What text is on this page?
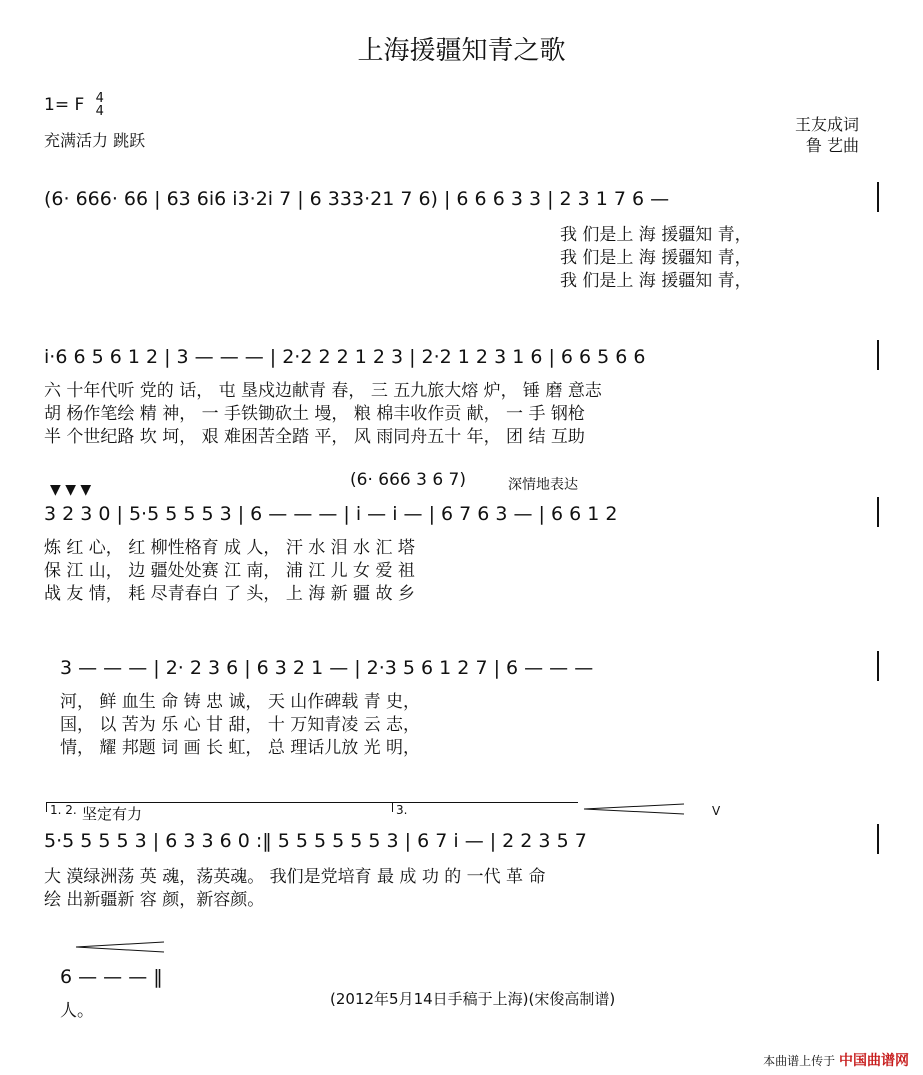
上海援疆知青之歌
1= F 4
4
充满活力 跳跃
王友成词
鲁 艺曲
(6· 666· 66 | 63 6i6 i3·2i 7 | 6 333·21 7 6) | 6 6 6 3 3 | 2 3 1 7 6 —
我 们是上 海 援疆知 青，
我 们是上 海 援疆知 青，
我 们是上 海 援疆知 青，
i·6 6 5 6 1 2 | 3 — — — | 2·2 2 2 1 2 3 | 2·2 1 2 3 1 6 | 6 6 5 6 6
六 十年代听 党的 话， 屯 垦戍边献青 春， 三 五九旅大熔 炉， 锤 磨 意志
胡 杨作笔绘 精 神， 一 手铁锄砍土 墁， 粮 棉丰收作贡 献， 一 手 钢枪
半 个世纪路 坎 坷， 艰 难困苦全踏 平， 风 雨同舟五十 年， 团 结 互助
▼ ▼ ▼	(6· 666 3 6 7)	深情地表达
3 2 3 0 | 5·5 5 5 5 3 | 6 — — — | i — i — | 6 7 6 3 — | 6 6 1 2
炼 红 心， 红 柳性格育 成 人， 汗 水 泪 水 汇 塔
保 江 山， 边 疆处处赛 江 南， 浦 江 儿 女 爱 祖
战 友 情， 耗 尽青春白 了 头， 上 海 新 疆 故 乡
3 — — — | 2· 2 3 6 | 6 3 2 1 — | 2·3 5 6 1 2 7 | 6 — — —
河， 鲜 血生 命 铸 忠 诚， 天 山作碑载 青 史，
国， 以 苦为 乐 心 甘 甜， 十 万知青凌 云 志，
情， 耀 邦题 词 画 长 虹， 总 理话儿放 光 明，
1. 2. 坚定有力	3.	V
5·5 5 5 5 3 | 6 3 3 6 0 :‖ 5 5 5 5 5 5 3 | 6 7 i — | 2 2 3 5 7
大 漠绿洲荡 英 魂，荡英魂。 我们是党培育 最 成 功 的 一代 革 命
绘 出新疆新 容 颜，新容颜。
6 — — — ‖
人。
(2012年5月14日手稿于上海)(宋俊高制谱)
本曲谱上传于 中国曲谱网
